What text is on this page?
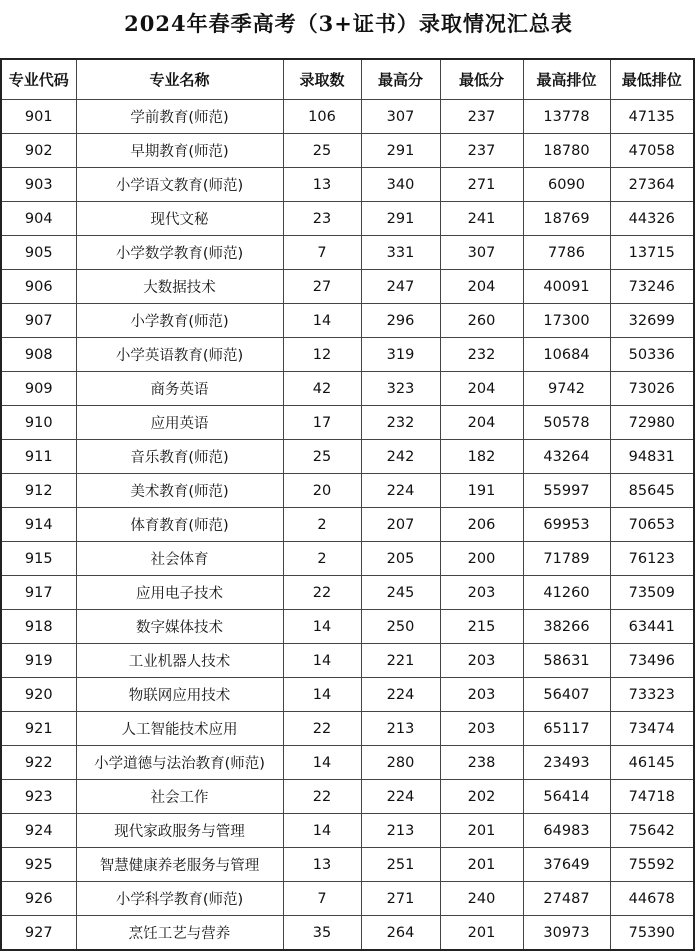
2024年春季高考（3+证书）录取情况汇总表
专业代码	专业名称	录取数	最高分	最低分	最高排位	最低排位
901	学前教育(师范)	106	307	237	13778	47135
902	早期教育(师范)	25	291	237	18780	47058
903	小学语文教育(师范)	13	340	271	6090	27364
904	现代文秘	23	291	241	18769	44326
905	小学数学教育(师范)	7	331	307	7786	13715
906	大数据技术	27	247	204	40091	73246
907	小学教育(师范)	14	296	260	17300	32699
908	小学英语教育(师范)	12	319	232	10684	50336
909	商务英语	42	323	204	9742	73026
910	应用英语	17	232	204	50578	72980
911	音乐教育(师范)	25	242	182	43264	94831
912	美术教育(师范)	20	224	191	55997	85645
914	体育教育(师范)	2	207	206	69953	70653
915	社会体育	2	205	200	71789	76123
917	应用电子技术	22	245	203	41260	73509
918	数字媒体技术	14	250	215	38266	63441
919	工业机器人技术	14	221	203	58631	73496
920	物联网应用技术	14	224	203	56407	73323
921	人工智能技术应用	22	213	203	65117	73474
922	小学道德与法治教育(师范)	14	280	238	23493	46145
923	社会工作	22	224	202	56414	74718
924	现代家政服务与管理	14	213	201	64983	75642
925	智慧健康养老服务与管理	13	251	201	37649	75592
926	小学科学教育(师范)	7	271	240	27487	44678
927	烹饪工艺与营养	35	264	201	30973	75390
